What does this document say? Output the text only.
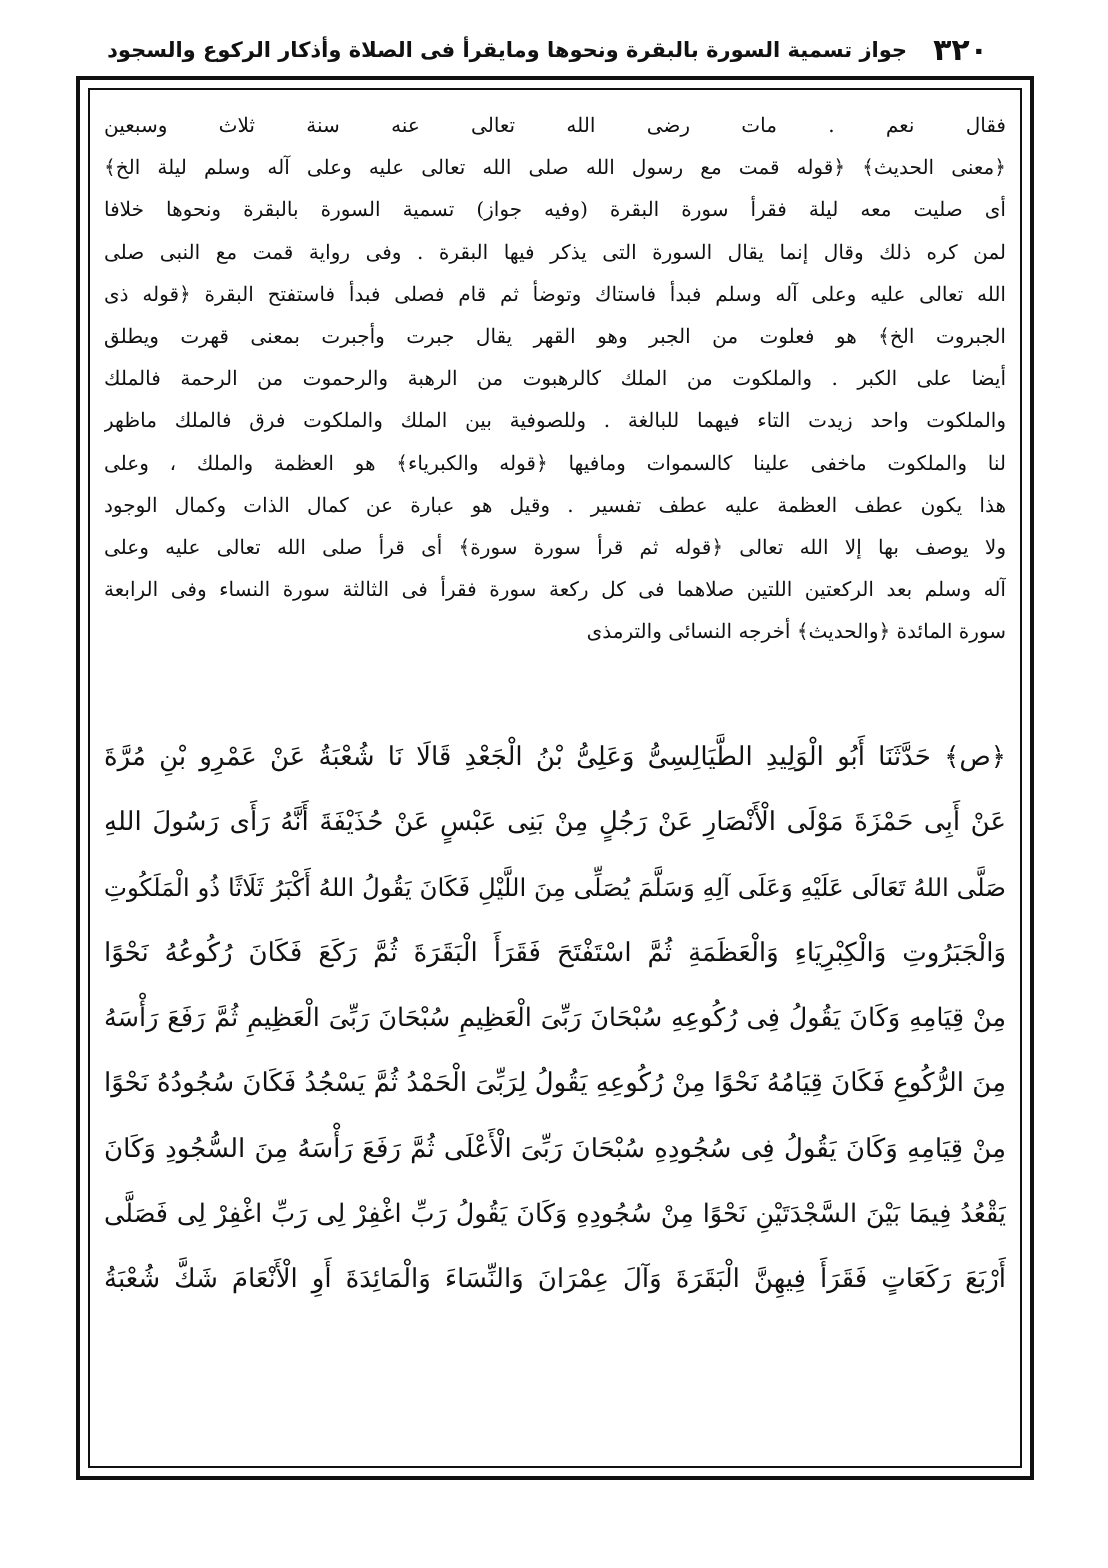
٣٢٠
جواز تسمية السورة بالبقرة ونحوها ومايقرأ فى الصلاة وأذكار الركوع والسجود
فقال نعم . مات رضى الله تعالى عنه سنة ثلاث وسبعين
﴿معنى الحديث﴾ ﴿قوله قمت مع رسول الله صلى الله تعالى عليه وعلى آله وسلم ليلة الخ﴾
أى صليت معه ليلة فقرأ سورة البقرة (وفيه جواز) تسمية السورة بالبقرة ونحوها خلافا
لمن كره ذلك وقال إنما يقال السورة التى يذكر فيها البقرة . وفى رواية قمت مع النبى صلى
الله تعالى عليه وعلى آله وسلم فبدأ فاستاك وتوضأ ثم قام فصلى فبدأ فاستفتح البقرة ﴿قوله ذى
الجبروت الخ﴾ هو فعلوت من الجبر وهو القهر يقال جبرت وأجبرت بمعنى قهرت ويطلق
أيضا على الكبر . والملكوت من الملك كالرهبوت من الرهبة والرحموت من الرحمة فالملك
والملكوت واحد زيدت التاء فيهما للبالغة . وللصوفية بين الملك والملكوت فرق فالملك ماظهر
لنا والملكوت ماخفى علينا كالسموات ومافيها ﴿قوله والكبرياء﴾ هو العظمة والملك ، وعلى
هذا يكون عطف العظمة عليه عطف تفسير . وقيل هو عبارة عن كمال الذات وكمال الوجود
ولا يوصف بها إلا الله تعالى ﴿قوله ثم قرأ سورة سورة﴾ أى قرأ صلى الله تعالى عليه وعلى
آله وسلم بعد الركعتين اللتين صلاهما فى كل ركعة سورة فقرأ فى الثالثة سورة النساء وفى الرابعة
سورة المائدة ﴿والحديث﴾ أخرجه النسائى والترمذى
﴿ص﴾ حَدَّثَنَا أَبُو الْوَلِيدِ الطَّيَالِسِىُّ وَعَلِىُّ بْنُ الْجَعْدِ قَالَا نَا شُعْبَةُ عَنْ عَمْرِو بْنِ مُرَّةَ
عَنْ أَبِى حَمْزَةَ مَوْلَى الْأَنْصَارِ عَنْ رَجُلٍ مِنْ بَنِى عَبْسٍ عَنْ حُذَيْفَةَ أَنَّهُ رَأَى رَسُولَ اللهِ
صَلَّى اللهُ تَعَالَى عَلَيْهِ وَعَلَى آلِهِ وَسَلَّمَ يُصَلِّى مِنَ اللَّيْلِ فَكَانَ يَقُولُ اللهُ أَكْبَرُ ثَلَاثًا ذُو الْمَلَكُوتِ
وَالْجَبَرُوتِ وَالْكِبْرِيَاءِ وَالْعَظَمَةِ ثُمَّ اسْتَفْتَحَ فَقَرَأَ الْبَقَرَةَ ثُمَّ رَكَعَ فَكَانَ رُكُوعُهُ نَحْوًا
مِنْ قِيَامِهِ وَكَانَ يَقُولُ فِى رُكُوعِهِ سُبْحَانَ رَبِّىَ الْعَظِيمِ سُبْحَانَ رَبِّىَ الْعَظِيمِ ثُمَّ رَفَعَ رَأْسَهُ
مِنَ الرُّكُوعِ فَكَانَ قِيَامُهُ نَحْوًا مِنْ رُكُوعِهِ يَقُولُ لِرَبِّىَ الْحَمْدُ ثُمَّ يَسْجُدُ فَكَانَ سُجُودُهُ نَحْوًا
مِنْ قِيَامِهِ وَكَانَ يَقُولُ فِى سُجُودِهِ سُبْحَانَ رَبِّىَ الْأَعْلَى ثُمَّ رَفَعَ رَأْسَهُ مِنَ السُّجُودِ وَكَانَ
يَقْعُدُ فِيمَا بَيْنَ السَّجْدَتَيْنِ نَحْوًا مِنْ سُجُودِهِ وَكَانَ يَقُولُ رَبِّ اغْفِرْ لِى رَبِّ اغْفِرْ لِى فَصَلَّى
أَرْبَعَ رَكَعَاتٍ فَقَرَأَ فِيهِنَّ الْبَقَرَةَ وَآلَ عِمْرَانَ وَالنِّسَاءَ وَالْمَائِدَةَ أَوِ الْأَنْعَامَ شَكَّ شُعْبَةُ
